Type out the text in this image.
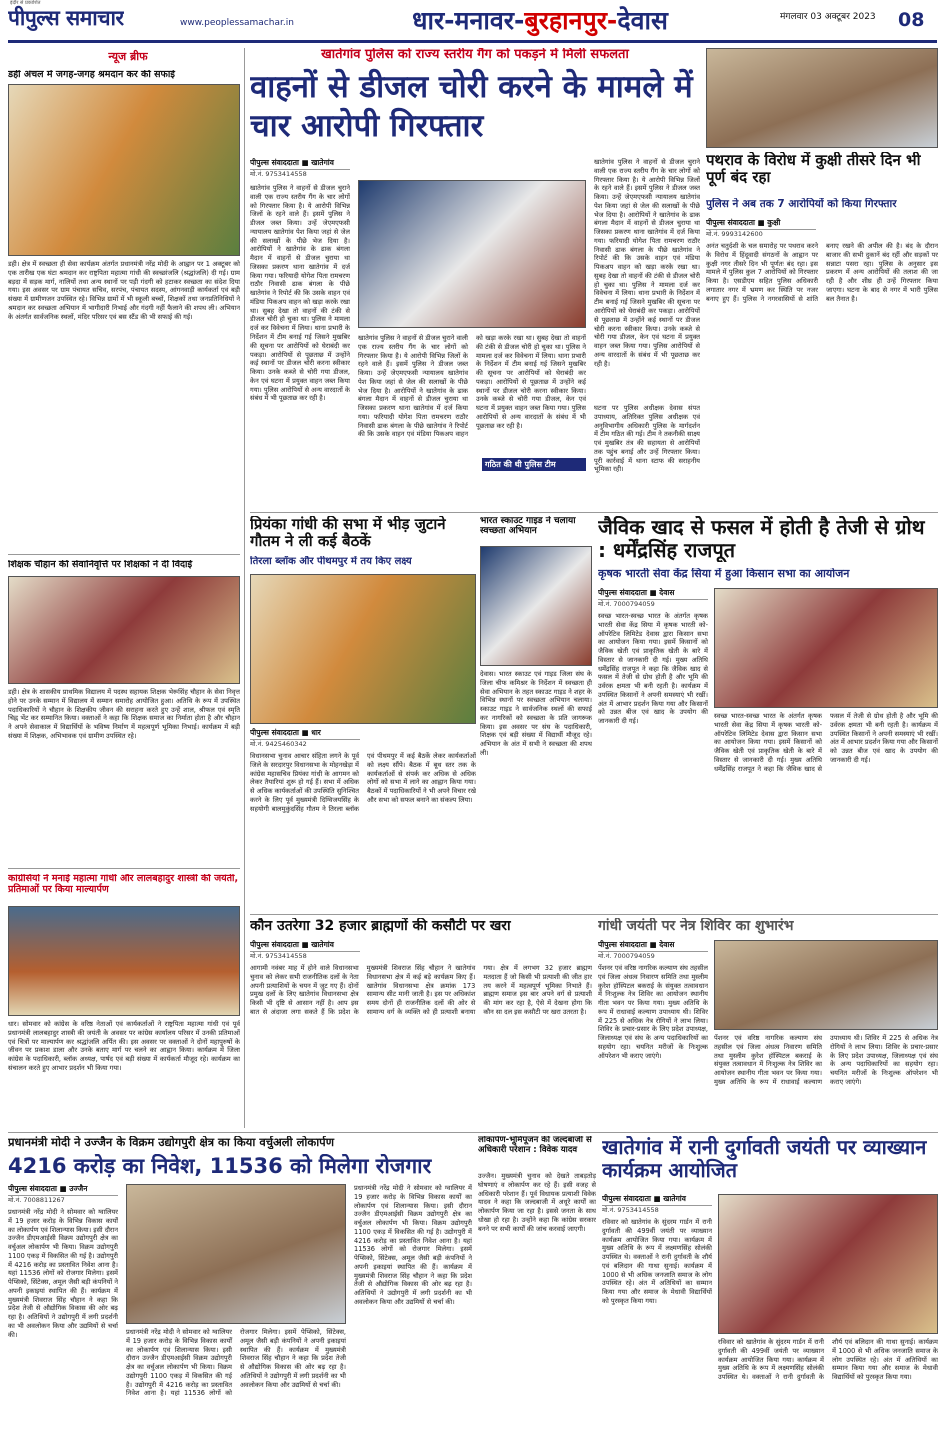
इंदौर से प्रकाशित
पीपुल्स समाचार	www.peoplessamachar.in	धार-मनावर-बुरहानपुर-देवास	मंगलवार 03 अक्टूबर 2023 08
न्यूज ब्रीफ
डही अंचल में जगह-जगह श्रमदान कर की सफाई
डही। क्षेत्र में स्वच्छता ही सेवा कार्यक्रम अंतर्गत प्रधानमंत्री नरेंद्र मोदी के आह्वान पर 1 अक्टूबर को एक तारीख एक घंटा श्रमदान कर राष्ट्रपिता महात्मा गांधी की स्वच्छांजलि (श्रद्धांजलि) दी गई। ग्राम बड़दा में सड़क मार्ग, नालियों तथा अन्य स्थानों पर पड़ी गंदगी को हटाकर स्वच्छता का संदेश दिया गया। इस अवसर पर ग्राम पंचायत सचिव, सरपंच, पंचायत सदस्य, आंगनवाड़ी कार्यकर्ता एवं बड़ी संख्या में ग्रामीणजन उपस्थित रहे। विभिन्न ग्रामों में भी स्कूली बच्चों, शिक्षकों तथा जनप्रतिनिधियों ने श्रमदान कर स्वच्छता अभियान में भागीदारी निभाई और गंदगी नहीं फैलाने की शपथ ली। अभियान के अंतर्गत सार्वजनिक स्थलों, मंदिर परिसर एवं बस स्टैंड की भी सफाई की गई।
शिक्षक चौहान की सेवानिवृत्ति पर शिक्षकों ने दी विदाई
डही। क्षेत्र के शासकीय प्राथमिक विद्यालय में पदस्थ सहायक शिक्षक भेरूसिंह चौहान के सेवा निवृत्त होने पर उनके सम्मान में विद्यालय में सम्मान समारोह आयोजित हुआ। अतिथि के रूप में उपस्थित पदाधिकारियों ने चौहान के शिक्षकीय जीवन की सराहना करते हुए उन्हें शाल, श्रीफल एवं स्मृति चिह्न भेंट कर सम्मानित किया। वक्ताओं ने कहा कि शिक्षक समाज का निर्माता होता है और चौहान ने अपने सेवाकाल में विद्यार्थियों के भविष्य निर्माण में महत्वपूर्ण भूमिका निभाई। कार्यक्रम में बड़ी संख्या में शिक्षक, अभिभावक एवं ग्रामीण उपस्थित रहे।
कांग्रेसियों ने मनाई महात्मा गांधी और लालबहादुर शास्त्री की जयंती, प्रतिमाओं पर किया माल्यार्पण
धार। सोमवार को कांग्रेस के वरिष्ठ नेताओं एवं कार्यकर्ताओं ने राष्ट्रपिता महात्मा गांधी एवं पूर्व प्रधानमंत्री लालबहादुर शास्त्री की जयंती के अवसर पर कांग्रेस कार्यालय परिसर में उनकी प्रतिमाओं एवं चित्रों पर माल्यार्पण कर श्रद्धांजलि अर्पित की। इस अवसर पर वक्ताओं ने दोनों महापुरुषों के जीवन पर प्रकाश डाला और उनके बताए मार्ग पर चलने का आह्वान किया। कार्यक्रम में जिला कांग्रेस के पदाधिकारी, ब्लॉक अध्यक्ष, पार्षद एवं बड़ी संख्या में कार्यकर्ता मौजूद रहे। कार्यक्रम का संचालन करते हुए आभार प्रदर्शन भी किया गया।
खातेगांव पुलिस को राज्य स्तरीय गैंग को पकड़ने में मिली सफलता
वाहनों से डीजल चोरी करने के मामले में चार आरोपी गिरफ्तार
पीपुल्स संवाददाता ■ खातेगांव
मो.नं. 9753414558
खातेगांव पुलिस ने वाहनों से डीजल चुराने वाली एक राज्य स्तरीय गैंग के चार लोगों को गिरफ्तार किया है। ये आरोपी विभिन्न जिलों के रहने वाले हैं। इसमें पुलिस ने डीजल जब्त किया। उन्हें जेएमएफसी न्यायालय खातेगांव पेश किया जहां से जेल की सलाखों के पीछे भेज दिया है। आरोपियों ने खातेगांव के ढाक बंगला मैदान में वाहनों से डीजल चुराया था जिसका प्रकरण थाना खातेगांव में दर्ज किया गया। फरियादी योगेश पिता रामचरण राठौर निवासी ढाक बंगला के पीछे खातेगांव ने रिपोर्ट की कि उसके वाहन एवं मंडिया पिकअप वाहन को खड़ा करके रखा था। सुबह देखा तो वाहनों की टंकी से डीजल चोरी हो चुका था। पुलिस ने मामला दर्ज कर विवेचना में लिया। थाना प्रभारी के निर्देशन में टीम बनाई गई जिसने मुखबिर की सूचना पर आरोपियों को घेराबंदी कर पकड़ा। आरोपियों से पूछताछ में उन्होंने कई स्थानों पर डीजल चोरी करना स्वीकार किया। उनके कब्जे से चोरी गया डीजल, केन एवं घटना में प्रयुक्त वाहन जब्त किया गया। पुलिस आरोपियों से अन्य वारदातों के संबंध में भी पूछताछ कर रही है।
खातेगांव पुलिस ने वाहनों से डीजल चुराने वाली एक राज्य स्तरीय गैंग के चार लोगों को गिरफ्तार किया है। ये आरोपी विभिन्न जिलों के रहने वाले हैं। इसमें पुलिस ने डीजल जब्त किया। उन्हें जेएमएफसी न्यायालय खातेगांव पेश किया जहां से जेल की सलाखों के पीछे भेज दिया है। आरोपियों ने खातेगांव के ढाक बंगला मैदान में वाहनों से डीजल चुराया था जिसका प्रकरण थाना खातेगांव में दर्ज किया गया। फरियादी योगेश पिता रामचरण राठौर निवासी ढाक बंगला के पीछे खातेगांव ने रिपोर्ट की कि उसके वाहन एवं मंडिया पिकअप वाहन को खड़ा करके रखा था। सुबह देखा तो वाहनों की टंकी से डीजल चोरी हो चुका था। पुलिस ने मामला दर्ज कर विवेचना में लिया। थाना प्रभारी के निर्देशन में टीम बनाई गई जिसने मुखबिर की सूचना पर आरोपियों को घेराबंदी कर पकड़ा। आरोपियों से पूछताछ में उन्होंने कई स्थानों पर डीजल चोरी करना स्वीकार किया। उनके कब्जे से चोरी गया डीजल, केन एवं घटना में प्रयुक्त वाहन जब्त किया गया। पुलिस आरोपियों से अन्य वारदातों के संबंध में भी पूछताछ कर रही है।
खातेगांव पुलिस ने वाहनों से डीजल चुराने वाली एक राज्य स्तरीय गैंग के चार लोगों को गिरफ्तार किया है। ये आरोपी विभिन्न जिलों के रहने वाले हैं। इसमें पुलिस ने डीजल जब्त किया। उन्हें जेएमएफसी न्यायालय खातेगांव पेश किया जहां से जेल की सलाखों के पीछे भेज दिया है। आरोपियों ने खातेगांव के ढाक बंगला मैदान में वाहनों से डीजल चुराया था जिसका प्रकरण थाना खातेगांव में दर्ज किया गया। फरियादी योगेश पिता रामचरण राठौर निवासी ढाक बंगला के पीछे खातेगांव ने रिपोर्ट की कि उसके वाहन एवं मंडिया पिकअप वाहन को खड़ा करके रखा था। सुबह देखा तो वाहनों की टंकी से डीजल चोरी हो चुका था। पुलिस ने मामला दर्ज कर विवेचना में लिया। थाना प्रभारी के निर्देशन में टीम बनाई गई जिसने मुखबिर की सूचना पर आरोपियों को घेराबंदी कर पकड़ा। आरोपियों से पूछताछ में उन्होंने कई स्थानों पर डीजल चोरी करना स्वीकार किया। उनके कब्जे से चोरी गया डीजल, केन एवं घटना में प्रयुक्त वाहन जब्त किया गया। पुलिस आरोपियों से अन्य वारदातों के संबंध में भी पूछताछ कर रही है।
गठित की थी पुलिस टीम
घटना पर पुलिस अधीक्षक देवास संपत उपाध्याय, अतिरिक्त पुलिस अधीक्षक एवं अनुविभागीय अधिकारी पुलिस के मार्गदर्शन में टीम गठित की गई। टीम ने तकनीकी साक्ष्य एवं मुखबिर तंत्र की सहायता से आरोपियों तक पहुंच बनाई और उन्हें गिरफ्तार किया। पूरी कार्रवाई में थाना स्टाफ की सराहनीय भूमिका रही।
पथराव के विरोध में कुक्षी तीसरे दिन भी पूर्ण बंद रहा
पुलिस ने अब तक 7 आरोपियों को किया गिरफ्तार
पीपुल्स संवाददाता ■ कुक्षी
मो.नं. 9993142600
अनंत चतुर्दशी के चल समारोह पर पथराव करने के विरोध में हिंदूवादी संगठनों के आह्वान पर कुक्षी नगर तीसरे दिन भी पूर्णतः बंद रहा। इस मामले में पुलिस कुल 7 आरोपियों को गिरफ्तार किया है। एसडीएम सहित पुलिस अधिकारी लगातार नगर में भ्रमण कर स्थिति पर नजर बनाए हुए हैं। पुलिस ने नगरवासियों से शांति बनाए रखने की अपील की है। बंद के दौरान बाजार की सभी दुकानें बंद रहीं और सड़कों पर सन्नाटा पसरा रहा। पुलिस के अनुसार इस प्रकरण में अन्य आरोपियों की तलाश की जा रही है और शीघ्र ही उन्हें गिरफ्तार किया जाएगा। घटना के बाद से नगर में भारी पुलिस बल तैनात है।
प्रियंका गांधी की सभा में भीड़ जुटाने गौतम ने ली कई बैठकें
तिरला ब्लॉक और पीथमपुर में तय किए लक्ष्य
पीपुल्स संवाददाता ■ धार
मो.नं. 9425460342
विधानसभा चुनाव आचार संहिता लगने के पूर्व जिले के सरदारपुर विधानसभा के मोहनखेड़ा में कांग्रेस महासचिव प्रियंका गांधी के आगमन को लेकर तैयारियां शुरू हो गई हैं। सभा में अधिक से अधिक कार्यकर्ताओं की उपस्थिति सुनिश्चित करने के लिए पूर्व मुख्यमंत्री दिग्विजयसिंह के सहयोगी बालमुकुंदसिंह गौतम ने तिरला ब्लॉक एवं पीथमपुर में कई बैठकें लेकर कार्यकर्ताओं को लक्ष्य सौंपे। बैठक में बूथ स्तर तक के कार्यकर्ताओं से संपर्क कर अधिक से अधिक लोगों को सभा में लाने का आह्वान किया गया। बैठकों में पदाधिकारियों ने भी अपने विचार रखे और सभा को सफल बनाने का संकल्प लिया।
भारत स्काउट गाइड ने चलाया स्वच्छता अभियान
देवास। भारत स्काउट एवं गाइड जिला संघ के जिला चीफ कमिश्नर के निर्देशन में स्वच्छता ही सेवा अभियान के तहत स्काउट गाइड ने शहर के विभिन्न स्थानों पर स्वच्छता अभियान चलाया। स्काउट गाइड ने सार्वजनिक स्थलों की सफाई कर नागरिकों को स्वच्छता के प्रति जागरूक किया। इस अवसर पर संघ के पदाधिकारी, शिक्षक एवं बड़ी संख्या में विद्यार्थी मौजूद रहे। अभियान के अंत में सभी ने स्वच्छता की शपथ ली।
जैविक खाद से फसल में होती है तेजी से ग्रोथ : धर्मेंद्रसिंह राजपूत
कृषक भारती सेवा केंद्र सिया में हुआ किसान सभा का आयोजन
पीपुल्स संवाददाता ■ देवास
मो.नं. 7000794059
स्वच्छ भारत-स्वच्छ भारत के अंतर्गत कृषक भारती सेवा केंद्र सिया में कृषक भारती को-ऑपरेटिव लिमिटेड देवास द्वारा किसान सभा का आयोजन किया गया। इसमें किसानों को जैविक खेती एवं प्राकृतिक खेती के बारे में विस्तार से जानकारी दी गई। मुख्य अतिथि धर्मेंद्रसिंह राजपूत ने कहा कि जैविक खाद से फसल में तेजी से ग्रोथ होती है और भूमि की उर्वरक क्षमता भी बनी रहती है। कार्यक्रम में उपस्थित किसानों ने अपनी समस्याएं भी रखीं। अंत में आभार प्रदर्शन किया गया और किसानों को उन्नत बीज एवं खाद के उपयोग की जानकारी दी गई।
स्वच्छ भारत-स्वच्छ भारत के अंतर्गत कृषक भारती सेवा केंद्र सिया में कृषक भारती को-ऑपरेटिव लिमिटेड देवास द्वारा किसान सभा का आयोजन किया गया। इसमें किसानों को जैविक खेती एवं प्राकृतिक खेती के बारे में विस्तार से जानकारी दी गई। मुख्य अतिथि धर्मेंद्रसिंह राजपूत ने कहा कि जैविक खाद से फसल में तेजी से ग्रोथ होती है और भूमि की उर्वरक क्षमता भी बनी रहती है। कार्यक्रम में उपस्थित किसानों ने अपनी समस्याएं भी रखीं। अंत में आभार प्रदर्शन किया गया और किसानों को उन्नत बीज एवं खाद के उपयोग की जानकारी दी गई।
कौन उतरेगा 32 हजार ब्राह्मणों की कसौटी पर खरा
पीपुल्स संवाददाता ■ खातेगांव
मो.नं. 9753414558
आगामी नवंबर माह में होने वाले विधानसभा चुनाव को लेकर सभी राजनीतिक दलों के नेता अपनी प्रत्याशियों के चयन में जुट गए हैं। दोनों प्रमुख दलों के लिए खातेगांव विधानसभा क्षेत्र किसी भी दृष्टि से आसान नहीं है। आप इस बात से अंदाजा लगा सकते हैं कि प्रदेश के मुख्यमंत्री शिवराज सिंह चौहान ने खातेगांव विधानसभा क्षेत्र में कई बड़े कार्यक्रम किए हैं। खातेगांव विधानसभा क्षेत्र क्रमांक 173 सामान्य सीट मानी जाती है। इस पर अधिकांश समय दोनों ही राजनीतिक दलों की ओर से सामान्य वर्ग के व्यक्ति को ही प्रत्याशी बनाया गया। क्षेत्र में लगभग 32 हजार ब्राह्मण मतदाता हैं जो किसी भी प्रत्याशी की जीत हार तय करने में महत्वपूर्ण भूमिका निभाते हैं। ब्राह्मण समाज इस बार अपने वर्ग से प्रत्याशी की मांग कर रहा है, ऐसे में देखना होगा कि कौन सा दल इस कसौटी पर खरा उतरता है।
गांधी जयंती पर नेत्र शिविर का शुभारंभ
पीपुल्स संवाददाता ■ देवास
मो.नं. 7000794059
पेंशनर एवं वरिष्ठ नागरिक कल्याण संघ तहसील एवं जिला अंधत्व निवारण समिति तथा मुस्लीम कुरेश हॉस्पिटल बकराई के संयुक्त तत्वावधान में निःशुल्क नेत्र शिविर का आयोजन स्थानीय गीता भवन पर किया गया। मुख्य अतिथि के रूप में राधावाई कल्याण उपाध्याय थी। शिविर में 225 से अधिक नेत्र रोगियों ने लाभ लिया। शिविर के प्रचार-प्रसार के लिए प्रदेश उपाध्यक्ष, जिलाध्यक्ष एवं संघ के अन्य पदाधिकारियों का सहयोग रहा। चयनित मरीजों के निःशुल्क ऑपरेशन भी कराए जाएंगे।
पेंशनर एवं वरिष्ठ नागरिक कल्याण संघ तहसील एवं जिला अंधत्व निवारण समिति तथा मुस्लीम कुरेश हॉस्पिटल बकराई के संयुक्त तत्वावधान में निःशुल्क नेत्र शिविर का आयोजन स्थानीय गीता भवन पर किया गया। मुख्य अतिथि के रूप में राधावाई कल्याण उपाध्याय थी। शिविर में 225 से अधिक नेत्र रोगियों ने लाभ लिया। शिविर के प्रचार-प्रसार के लिए प्रदेश उपाध्यक्ष, जिलाध्यक्ष एवं संघ के अन्य पदाधिकारियों का सहयोग रहा। चयनित मरीजों के निःशुल्क ऑपरेशन भी कराए जाएंगे।
प्रधानमंत्री मोदी ने उज्जैन के विक्रम उद्योगपुरी क्षेत्र का किया वर्चुअली लोकार्पण
4216 करोड़ का निवेश, 11536 को मिलेगा रोजगार
पीपुल्स संवाददाता ■ उज्जैन
मो.नं. 7008811267
प्रधानमंत्री नरेंद्र मोदी ने सोमवार को ग्वालियर में 19 हजार करोड़ के विभिन्न विकास कार्यों का लोकार्पण एवं शिलान्यास किया। इसी दौरान उज्जैन डीएमआईसी विक्रम उद्योगपुरी क्षेत्र का वर्चुअल लोकार्पण भी किया। विक्रम उद्योगपुरी 1100 एकड़ में विकसित की गई है। उद्योगपुरी में 4216 करोड़ का प्रस्तावित निवेश आना है। यहां 11536 लोगों को रोजगार मिलेगा। इसमें पेप्सिको, सिंटेक्स, अमूल जैसी बड़ी कंपनियों ने अपनी इकाइयां स्थापित की हैं। कार्यक्रम में मुख्यमंत्री शिवराज सिंह चौहान ने कहा कि प्रदेश तेजी से औद्योगिक विकास की ओर बढ़ रहा है। अतिथियों ने उद्योगपुरी में लगी प्रदर्शनी का भी अवलोकन किया और उद्यमियों से चर्चा की।	प्रधानमंत्री नरेंद्र मोदी ने सोमवार को ग्वालियर में 19 हजार करोड़ के विभिन्न विकास कार्यों का लोकार्पण एवं शिलान्यास किया। इसी दौरान उज्जैन डीएमआईसी विक्रम उद्योगपुरी क्षेत्र का वर्चुअल लोकार्पण भी किया। विक्रम उद्योगपुरी 1100 एकड़ में विकसित की गई है। उद्योगपुरी में 4216 करोड़ का प्रस्तावित निवेश आना है। यहां 11536 लोगों को रोजगार मिलेगा। इसमें पेप्सिको, सिंटेक्स, अमूल जैसी बड़ी कंपनियों ने अपनी इकाइयां स्थापित की हैं। कार्यक्रम में मुख्यमंत्री शिवराज सिंह चौहान ने कहा कि प्रदेश तेजी से औद्योगिक विकास की ओर बढ़ रहा है। अतिथियों ने उद्योगपुरी में लगी प्रदर्शनी का भी अवलोकन किया और उद्यमियों से चर्चा की।
प्रधानमंत्री नरेंद्र मोदी ने सोमवार को ग्वालियर में 19 हजार करोड़ के विभिन्न विकास कार्यों का लोकार्पण एवं शिलान्यास किया। इसी दौरान उज्जैन डीएमआईसी विक्रम उद्योगपुरी क्षेत्र का वर्चुअल लोकार्पण भी किया। विक्रम उद्योगपुरी 1100 एकड़ में विकसित की गई है। उद्योगपुरी में 4216 करोड़ का प्रस्तावित निवेश आना है। यहां 11536 लोगों को रोजगार मिलेगा। इसमें पेप्सिको, सिंटेक्स, अमूल जैसी बड़ी कंपनियों ने अपनी इकाइयां स्थापित की हैं। कार्यक्रम में मुख्यमंत्री शिवराज सिंह चौहान ने कहा कि प्रदेश तेजी से औद्योगिक विकास की ओर बढ़ रहा है। अतिथियों ने उद्योगपुरी में लगी प्रदर्शनी का भी अवलोकन किया और उद्यमियों से चर्चा की।
लोकार्पण-भूमिपूजन की जल्दबाजी से अधिकारी परेशान : विवेक यादव
उज्जैन। मुख्यमंत्री चुनाव को देखते ताबड़तोड़ घोषणाएं व लोकार्पण कर रहे हैं। इसी वजह से अधिकारी परेशान हैं। पूर्व विधायक प्रत्याशी विवेक यादव ने कहा कि जल्दबाजी में अधूरे कार्यों का लोकार्पण किया जा रहा है। इससे जनता के साथ धोखा हो रहा है। उन्होंने कहा कि कांग्रेस सरकार बनने पर सभी कार्यों की जांच करवाई जाएगी।
खातेगांव में रानी दुर्गावती जयंती पर व्याख्यान कार्यक्रम आयोजित
पीपुल्स संवाददाता ■ खातेगांव
मो.नं. 9753414558
रविवार को खातेगांव के सुंदरम गार्डन में रानी दुर्गावती की 499वीं जयंती पर व्याख्यान कार्यक्रम आयोजित किया गया। कार्यक्रम में मुख्य अतिथि के रूप में लक्ष्मणसिंह सोलंकी उपस्थित थे। वक्ताओं ने रानी दुर्गावती के शौर्य एवं बलिदान की गाथा सुनाई। कार्यक्रम में 1000 से भी अधिक जनजाति समाज के लोग उपस्थित रहे। अंत में अतिथियों का सम्मान किया गया और समाज के मेधावी विद्यार्थियों को पुरस्कृत किया गया।
रविवार को खातेगांव के सुंदरम गार्डन में रानी दुर्गावती की 499वीं जयंती पर व्याख्यान कार्यक्रम आयोजित किया गया। कार्यक्रम में मुख्य अतिथि के रूप में लक्ष्मणसिंह सोलंकी उपस्थित थे। वक्ताओं ने रानी दुर्गावती के शौर्य एवं बलिदान की गाथा सुनाई। कार्यक्रम में 1000 से भी अधिक जनजाति समाज के लोग उपस्थित रहे। अंत में अतिथियों का सम्मान किया गया और समाज के मेधावी विद्यार्थियों को पुरस्कृत किया गया।
